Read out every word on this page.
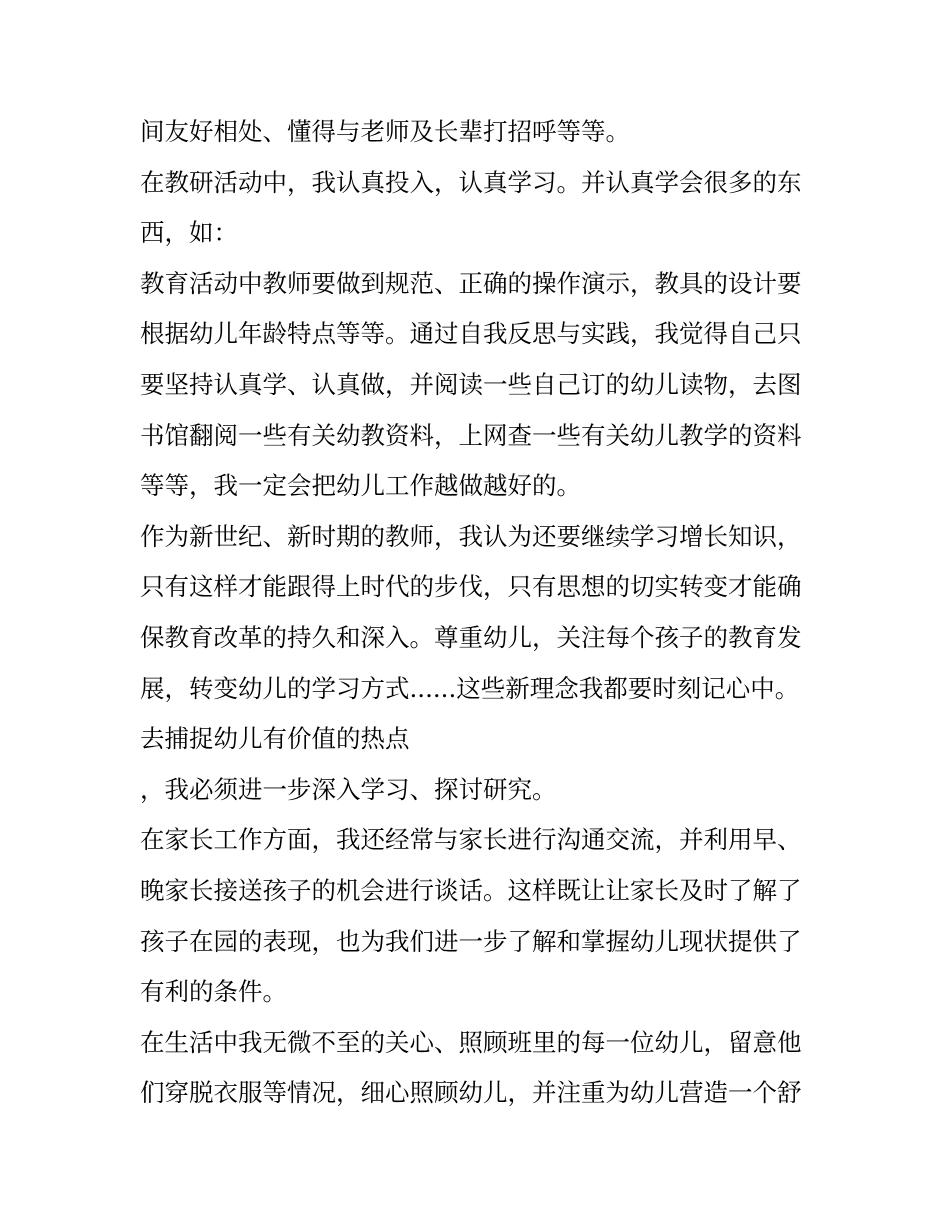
间友好相处、懂得与老师及长辈打招呼等等。

在教研活动中，我认真投入，认真学习。并认真学会很多的东

西，如：

教育活动中教师要做到规范、正确的操作演示，教具的设计要

根据幼儿年龄特点等等。通过自我反思与实践，我觉得自己只

要坚持认真学、认真做，并阅读一些自己订的幼儿读物，去图

书馆翻阅一些有关幼教资料，上网查一些有关幼儿教学的资料

等等，我一定会把幼儿工作越做越好的。

作为新世纪、新时期的教师，我认为还要继续学习增长知识，

只有这样才能跟得上时代的步伐，只有思想的切实转变才能确

保教育改革的持久和深入。尊重幼儿，关注每个孩子的教育发

展，转变幼儿的学习方式......这些新理念我都要时刻记心中。

去捕捉幼儿有价值的热点

，我必须进一步深入学习、探讨研究。

在家长工作方面，我还经常与家长进行沟通交流，并利用早、

晚家长接送孩子的机会进行谈话。这样既让让家长及时了解了

孩子在园的表现，也为我们进一步了解和掌握幼儿现状提供了

有利的条件。

在生活中我无微不至的关心、照顾班里的每一位幼儿，留意他

们穿脱衣服等情况，细心照顾幼儿，并注重为幼儿营造一个舒
